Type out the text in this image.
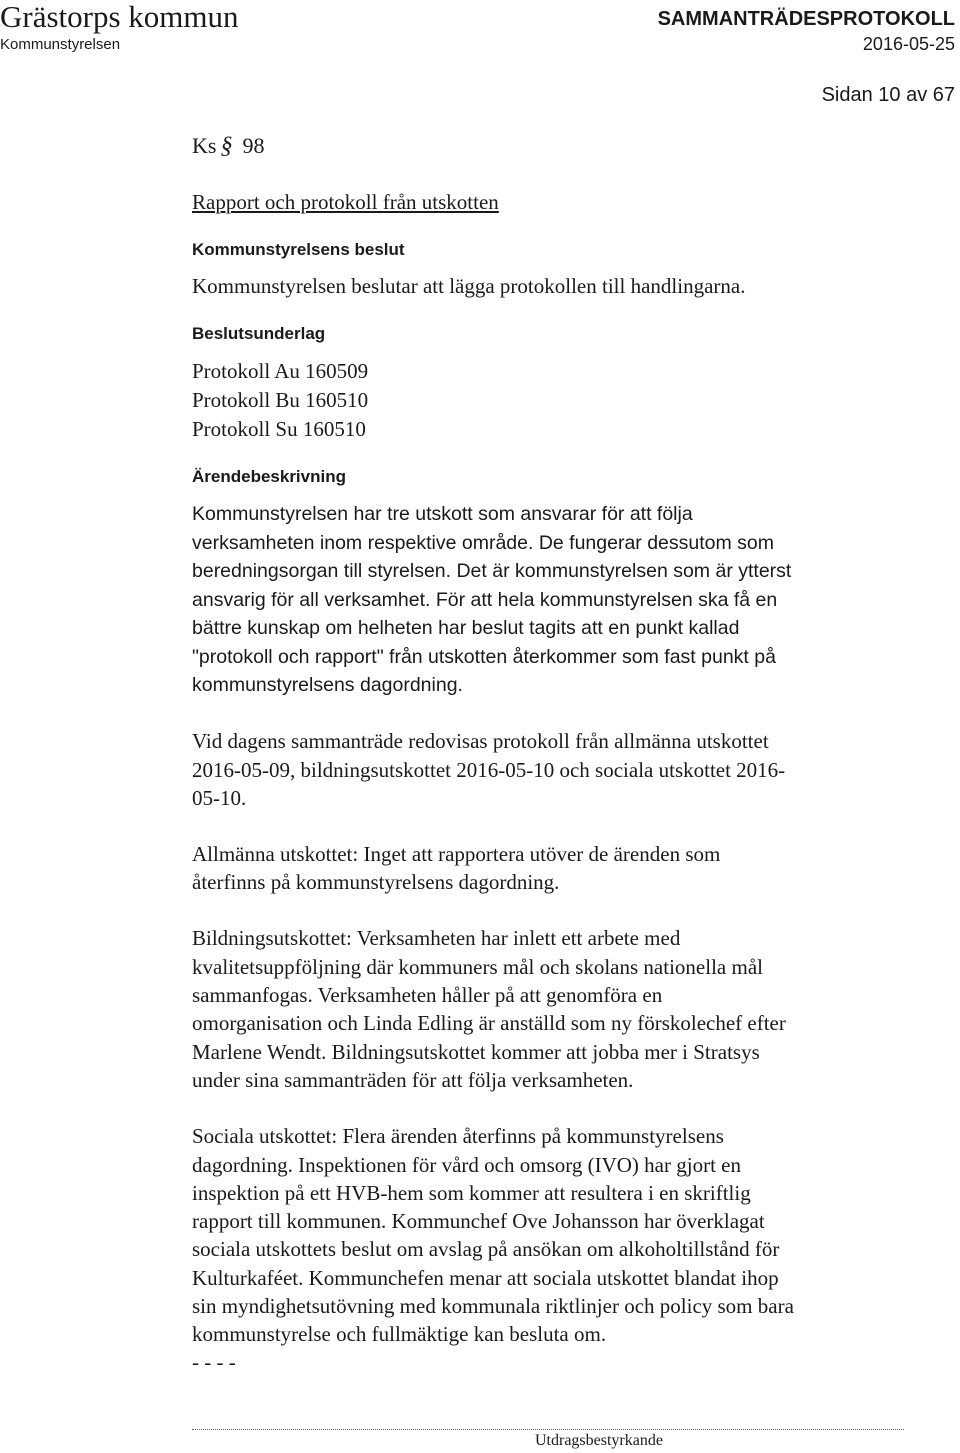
Grästorps kommun
Kommunstyrelsen
SAMMANTRÄDESPROTOKOLL
2016-05-25
Sidan 10 av 67
Ks § 98
Rapport och protokoll från utskotten
Kommunstyrelsens beslut
Kommunstyrelsen beslutar att lägga protokollen till handlingarna.
Beslutsunderlag
Protokoll Au 160509
Protokoll Bu 160510
Protokoll Su 160510
Ärendebeskrivning
Kommunstyrelsen har tre utskott som ansvarar för att följa
verksamheten inom respektive område. De fungerar dessutom som
beredningsorgan till styrelsen. Det är kommunstyrelsen som är ytterst
ansvarig för all verksamhet. För att hela kommunstyrelsen ska få en
bättre kunskap om helheten har beslut tagits att en punkt kallad
"protokoll och rapport" från utskotten återkommer som fast punkt på
kommunstyrelsens dagordning.
Vid dagens sammanträde redovisas protokoll från allmänna utskottet
2016-05-09, bildningsutskottet 2016-05-10 och sociala utskottet 2016-
05-10.
Allmänna utskottet: Inget att rapportera utöver de ärenden som
återfinns på kommunstyrelsens dagordning.
Bildningsutskottet: Verksamheten har inlett ett arbete med
kvalitetsuppföljning där kommuners mål och skolans nationella mål
sammanfogas. Verksamheten håller på att genomföra en
omorganisation och Linda Edling är anställd som ny förskolechef efter
Marlene Wendt. Bildningsutskottet kommer att jobba mer i Stratsys
under sina sammanträden för att följa verksamheten.
Sociala utskottet: Flera ärenden återfinns på kommunstyrelsens
dagordning. Inspektionen för vård och omsorg (IVO) har gjort en
inspektion på ett HVB-hem som kommer att resultera i en skriftlig
rapport till kommunen. Kommunchef Ove Johansson har överklagat
sociala utskottets beslut om avslag på ansökan om alkoholtillstånd för
Kulturkaféet. Kommunchefen menar att sociala utskottet blandat ihop
sin myndighetsutövning med kommunala riktlinjer och policy som bara
kommunstyrelse och fullmäktige kan besluta om.
- - - -
Utdragsbestyrkande
